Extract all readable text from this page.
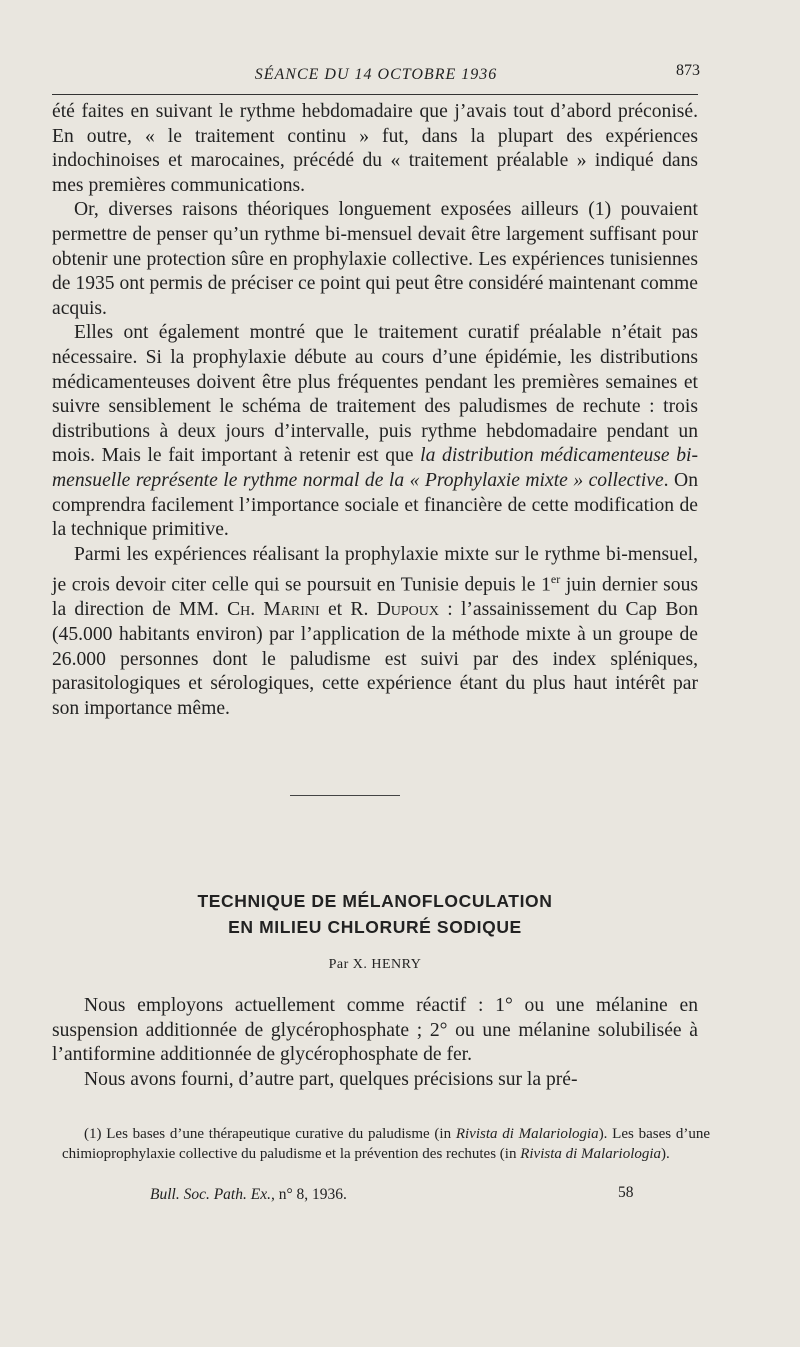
SÉANCE DU 14 OCTOBRE 1936	873

été faites en suivant le rythme hebdomadaire que j’avais tout d’abord préconisé. En outre, « le traitement continu » fut, dans la plupart des expériences indochinoises et marocaines, précédé du « traitement préalable » indiqué dans mes premières communications.

Or, diverses raisons théoriques longuement exposées ailleurs (1) pouvaient permettre de penser qu’un rythme bi-mensuel devait être largement suffisant pour obtenir une protection sûre en prophylaxie collective. Les expériences tunisiennes de 1935 ont permis de préciser ce point qui peut être considéré maintenant comme acquis.

Elles ont également montré que le traitement curatif préalable n’était pas nécessaire. Si la prophylaxie débute au cours d’une épidémie, les distributions médicamenteuses doivent être plus fréquentes pendant les premières semaines et suivre sensiblement le schéma de traitement des paludismes de rechute : trois distributions à deux jours d’intervalle, puis rythme hebdomadaire pendant un mois. Mais le fait important à retenir est que la distribution médicamenteuse bi-mensuelle représente le rythme normal de la « Prophylaxie mixte » collective. On comprendra facilement l’importance sociale et financière de cette modification de la technique primitive.

Parmi les expériences réalisant la prophylaxie mixte sur le rythme bi-mensuel, je crois devoir citer celle qui se poursuit en Tunisie depuis le 1er juin dernier sous la direction de MM. Ch. Marini et R. Dupoux : l’assainissement du Cap Bon (45.000 habitants environ) par l’application de la méthode mixte à un groupe de 26.000 personnes dont le paludisme est suivi par des index spléniques, parasitologiques et sérologiques, cette expérience étant du plus haut intérêt par son importance même.

TECHNIQUE DE MÉLANOFLOCULATION
EN MILIEU CHLORURÉ SODIQUE
Par X. HENRY

Nous employons actuellement comme réactif : 1° ou une mélanine en suspension additionnée de glycérophosphate ; 2° ou une mélanine solubilisée à l’antiformine additionnée de glycérophosphate de fer.

Nous avons fourni, d’autre part, quelques précisions sur la pré-

(1) Les bases d’une thérapeutique curative du paludisme (in Rivista di Malariologia). Les bases d’une chimioprophylaxie collective du paludisme et la prévention des rechutes (in Rivista di Malariologia).

Bull. Soc. Path. Ex., n° 8, 1936.	58
